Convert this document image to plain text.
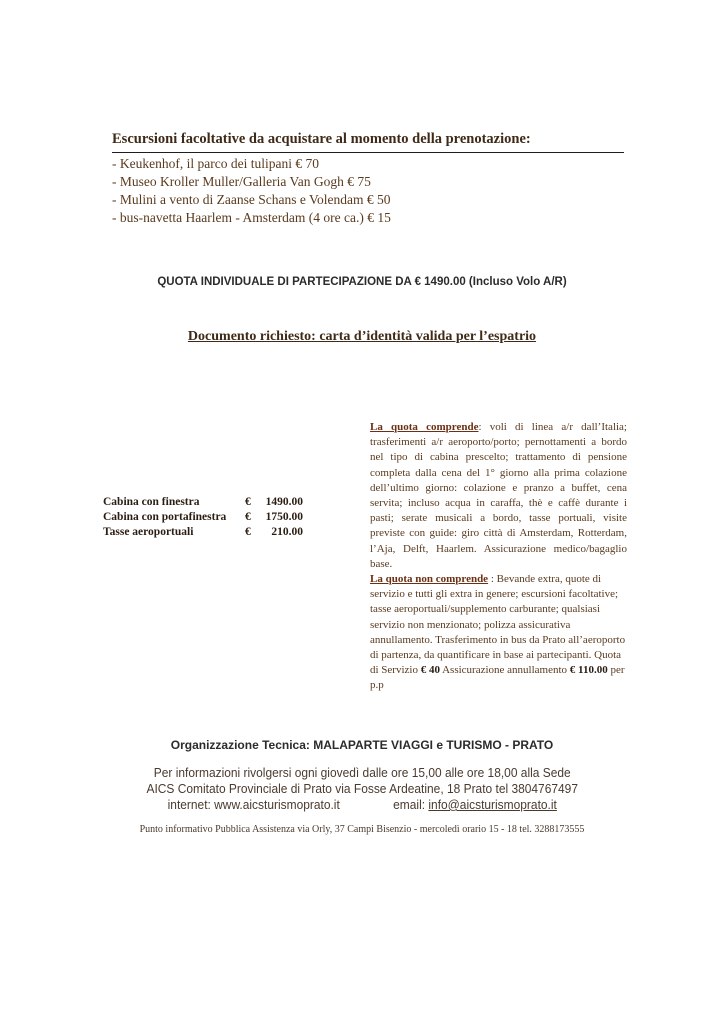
Escursioni facoltative da acquistare al momento della prenotazione:
- Keukenhof, il parco dei tulipani € 70
- Museo Kroller Muller/Galleria Van Gogh € 75
- Mulini a vento di Zaanse Schans e Volendam € 50
- bus-navetta Haarlem - Amsterdam (4 ore ca.) € 15
QUOTA INDIVIDUALE DI PARTECIPAZIONE DA € 1490.00 (Incluso Volo A/R)
Documento richiesto: carta d’identità valida per l’espatrio
Cabina con finestra	€	1490.00
Cabina con portafinestra	€	1750.00
Tasse aeroportuali	€	210.00
La quota comprende: voli di linea a/r dall’Italia; trasferimenti a/r aeroporto/porto; pernottamenti a bordo nel tipo di cabina prescelto; trattamento di pensione completa dalla cena del 1° giorno alla prima colazione dell’ultimo giorno: colazione e pranzo a buffet, cena servita; incluso acqua in caraffa, thè e caffè durante i pasti; serate musicali a bordo, tasse portuali, visite previste con guide: giro città di Amsterdam, Rotterdam, l’Aja, Delft, Haarlem. Assicurazione medico/bagaglio base.
La quota non comprende : Bevande extra, quote di servizio e tutti gli extra in genere; escursioni facoltative; tasse aeroportuali/supplemento carburante; qualsiasi servizio non menzionato; polizza assicurativa annullamento. Trasferimento in bus da Prato all’aeroporto di partenza, da quantificare in base ai partecipanti. Quota di Servizio € 40 Assicurazione annullamento € 110.00 per p.p
Organizzazione Tecnica: MALAPARTE VIAGGI e TURISMO - PRATO
Per informazioni rivolgersi ogni giovedì dalle ore 15,00 alle ore 18,00 alla Sede
AICS Comitato Provinciale di Prato via Fosse Ardeatine, 18 Prato tel 3804767497
internet: www.aicsturismoprato.it	email: info@aicsturismoprato.it
Punto informativo Pubblica Assistenza via Orly, 37 Campi Bisenzio - mercoledì orario 15 - 18 tel. 3288173555
